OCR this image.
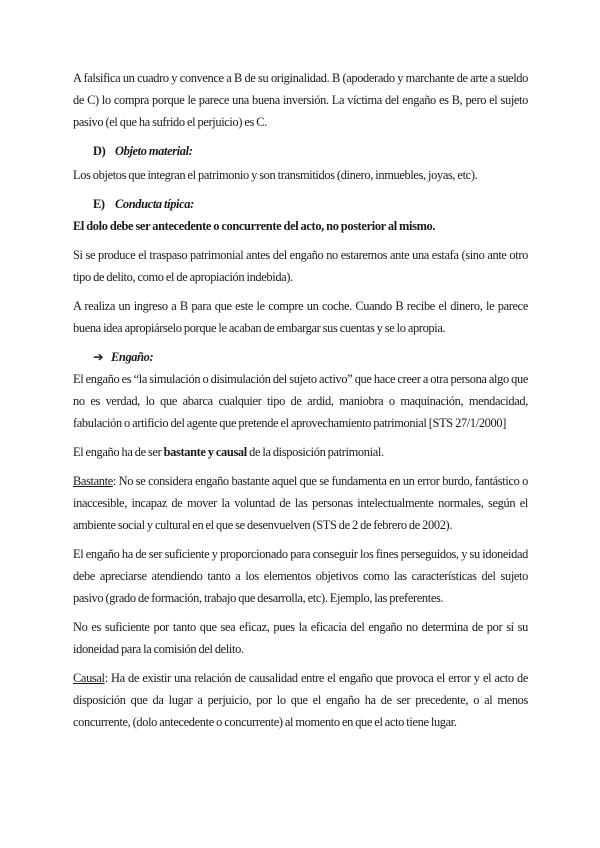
A falsifica un cuadro y convence a B de su originalidad. B (apoderado y marchante de arte a sueldo de C) lo compra porque le parece una buena inversión. La víctima del engaño es B, pero el sujeto pasivo (el que ha sufrido el perjuicio) es C.

D) Objeto material:

Los objetos que integran el patrimonio y son transmitidos (dinero, inmuebles, joyas, etc).

E) Conducta típica:

El dolo debe ser antecedente o concurrente del acto, no posterior al mismo.

Si se produce el traspaso patrimonial antes del engaño no estaremos ante una estafa (sino ante otro tipo de delito, como el de apropiación indebida).

A realiza un ingreso a B para que este le compre un coche. Cuando B recibe el dinero, le parece buena idea apropiárselo porque le acaban de embargar sus cuentas y se lo apropia.

➔ Engaño:

El engaño es “la simulación o disimulación del sujeto activo” que hace creer a otra persona algo que no es verdad, lo que abarca cualquier tipo de ardid, maniobra o maquinación, mendacidad, fabulación o artificio del agente que pretende el aprovechamiento patrimonial [STS 27/1/2000]

El engaño ha de ser bastante y causal de la disposición patrimonial.

Bastante: No se considera engaño bastante aquel que se fundamenta en un error burdo, fantástico o inaccesible, incapaz de mover la voluntad de las personas intelectualmente normales, según el ambiente social y cultural en el que se desenvuelven (STS de 2 de febrero de 2002).

El engaño ha de ser suficiente y proporcionado para conseguir los fines perseguidos, y su idoneidad debe apreciarse atendiendo tanto a los elementos objetivos como las características del sujeto pasivo (grado de formación, trabajo que desarrolla, etc). Ejemplo, las preferentes.

No es suficiente por tanto que sea eficaz, pues la eficacia del engaño no determina de por sí su idoneidad para la comisión del delito.

Causal: Ha de existir una relación de causalidad entre el engaño que provoca el error y el acto de disposición que da lugar a perjuicio, por lo que el engaño ha de ser precedente, o al menos concurrente, (dolo antecedente o concurrente) al momento en que el acto tiene lugar.
